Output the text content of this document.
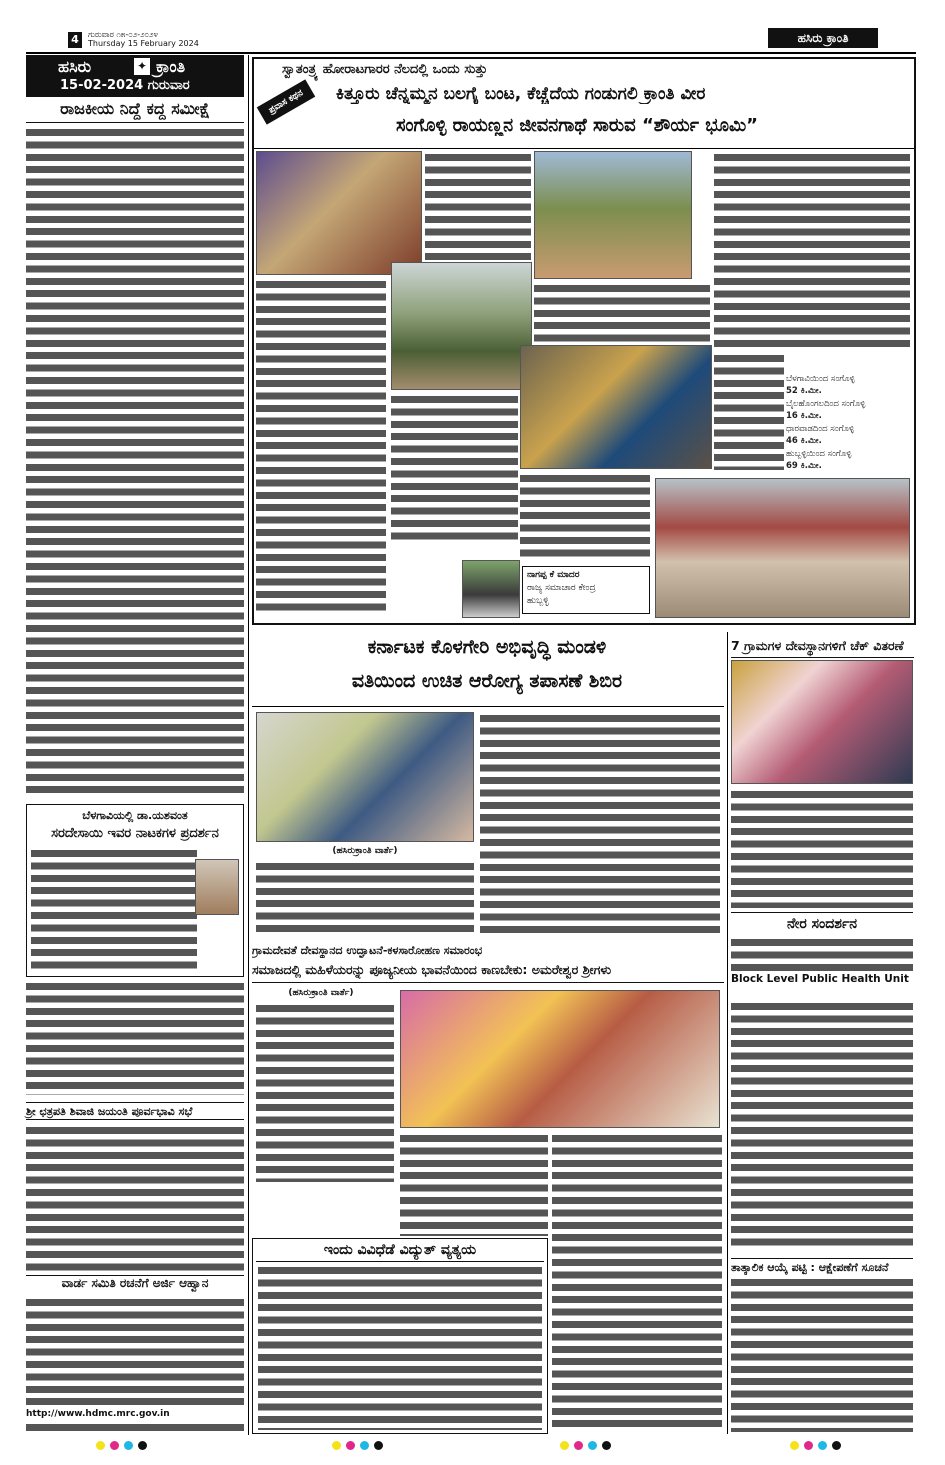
4	ಗುರುವಾರ ೧೫-೦೨-೨೦೨೪
Thursday 15 February 2024	ಹಸಿರು ಕ್ರಾಂತಿ
ಹಸಿರು	✦ ಕ್ರಾಂತಿ
15-02-2024 ಗುರುವಾರ
ರಾಜಕೀಯ ನಿದ್ದೆ ಕದ್ದ ಸಮೀಕ್ಷೆ
ಬೆಳಗಾವಿಯಲ್ಲಿ ಡಾ.ಯಶವಂತ
ಸರದೇಸಾಯಿ ಇವರ ನಾಟಕಗಳ ಪ್ರದರ್ಶನ
ಶ್ರೀ ಛತ್ರಪತಿ ಶಿವಾಜಿ ಜಯಂತಿ ಪೂರ್ವಭಾವಿ ಸಭೆ
ವಾರ್ಡ ಸಮಿತಿ ರಚನೆಗೆ ಅರ್ಜಿ ಆಹ್ವಾನ
http://www.hdmc.mrc.gov.in
ಸ್ವಾತಂತ್ರ್ಯ ಹೋರಾಟಗಾರರ ನೆಲದಲ್ಲಿ ಒಂದು ಸುತ್ತು
ಪ್ರವಾಸ ಕಥನ	ಕಿತ್ತೂರು ಚೆನ್ನಮ್ಮನ ಬಲಗೈ ಬಂಟ, ಕೆಚ್ಚೆದೆಯ ಗಂಡುಗಲಿ ಕ್ರಾಂತಿ ವೀರ
ಸಂಗೊಳ್ಳಿ ರಾಯಣ್ಣನ ಜೀವನಗಾಥೆ ಸಾರುವ “ಶೌರ್ಯ ಭೂಮಿ”
ಬೆಳಗಾವಿಯಿಂದ ಸಂಗೊಳ್ಳಿ
52 ಕಿ.ಮೀ.
ಬೈಲಹೊಂಗಲದಿಂದ ಸಂಗೊಳ್ಳಿ
16 ಕಿ.ಮೀ.
ಧಾರವಾಡದಿಂದ ಸಂಗೊಳ್ಳಿ
46 ಕಿ.ಮೀ.
ಹುಬ್ಬಳ್ಳಿಯಿಂದ ಸಂಗೊಳ್ಳಿ
69 ಕಿ.ಮೀ.
ನಾಗಪ್ಪ ಕೆ ಮಾದರ
ರಾಜ್ಯ ಸಮಾಚಾರ ಕೇಂದ್ರ
ಹುಬ್ಬಳ್ಳಿ
ಕರ್ನಾಟಕ ಕೊಳಗೇರಿ ಅಭಿವೃದ್ಧಿ ಮಂಡಳಿ
ವತಿಯಿಂದ ಉಚಿತ ಆರೋಗ್ಯ ತಪಾಸಣೆ ಶಿಬಿರ
(ಹಸಿರುಕ್ರಾಂತಿ ವಾರ್ತೆ)
ಗ್ರಾಮದೇವತೆ ದೇವಸ್ಥಾನದ ಉದ್ಘಾಟನೆ-ಕಳಸಾರೋಹಣ ಸಮಾರಂಭ
ಸಮಾಜದಲ್ಲಿ ಮಹಿಳೆಯರನ್ನು ಪೂಜ್ಯನೀಯ ಭಾವನೆಯಿಂದ ಕಾಣಬೇಕು: ಅಮರೇಶ್ವರ ಶ್ರೀಗಳು
(ಹಸಿರುಕ್ರಾಂತಿ ವಾರ್ತೆ)
ಇಂದು ವಿವಿಧೆಡೆ ವಿದ್ಯುತ್ ವ್ಯತ್ಯಯ
7 ಗ್ರಾಮಗಳ ದೇವಸ್ಥಾನಗಳಿಗೆ ಚೆಕ್ ವಿತರಣೆ
ನೇರ ಸಂದರ್ಶನ
Block Level Public Health Unit
ತಾತ್ಕಾಲಿಕ ಆಯ್ಕೆ ಪಟ್ಟಿ : ಆಕ್ಷೇಪಣೆಗೆ ಸೂಚನೆ
